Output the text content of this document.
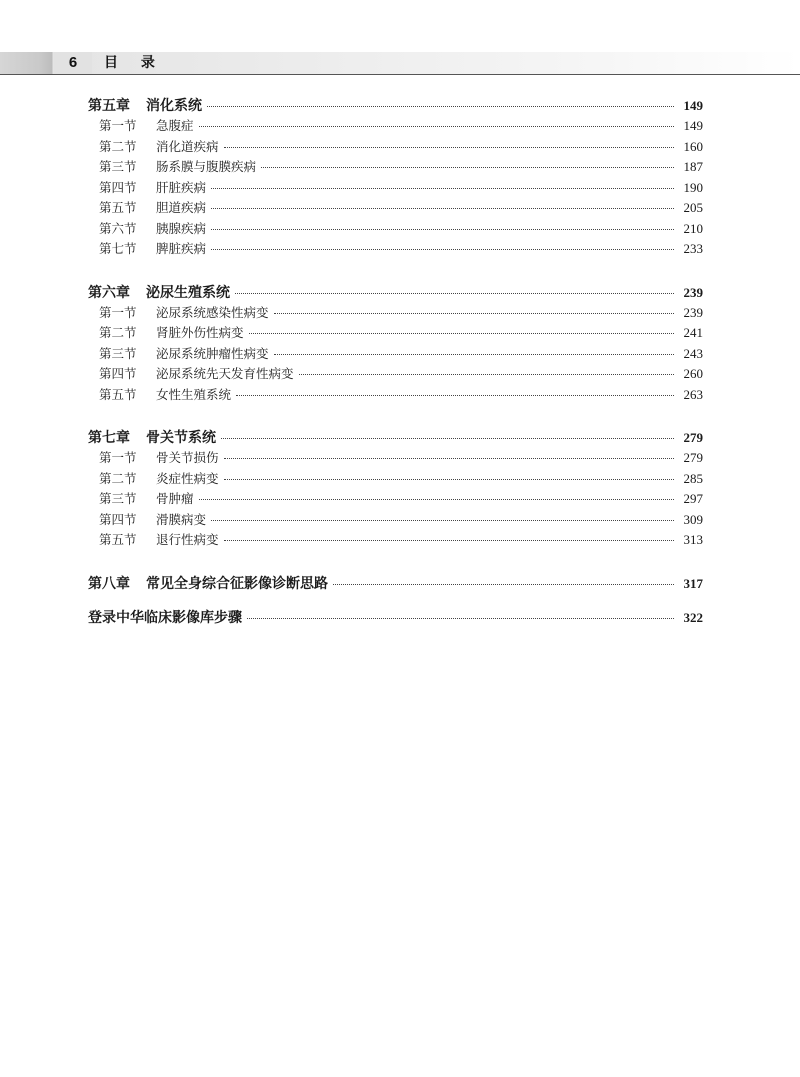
6	目 录
第五章 消化系统	149
第一节 急腹症	149
第二节 消化道疾病	160
第三节 肠系膜与腹膜疾病	187
第四节 肝脏疾病	190
第五节 胆道疾病	205
第六节 胰腺疾病	210
第七节 脾脏疾病	233
第六章 泌尿生殖系统	239
第一节 泌尿系统感染性病变	239
第二节 肾脏外伤性病变	241
第三节 泌尿系统肿瘤性病变	243
第四节 泌尿系统先天发育性病变	260
第五节 女性生殖系统	263
第七章 骨关节系统	279
第一节 骨关节损伤	279
第二节 炎症性病变	285
第三节 骨肿瘤	297
第四节 滑膜病变	309
第五节 退行性病变	313
第八章 常见全身综合征影像诊断思路	317
登录中华临床影像库步骤	322
